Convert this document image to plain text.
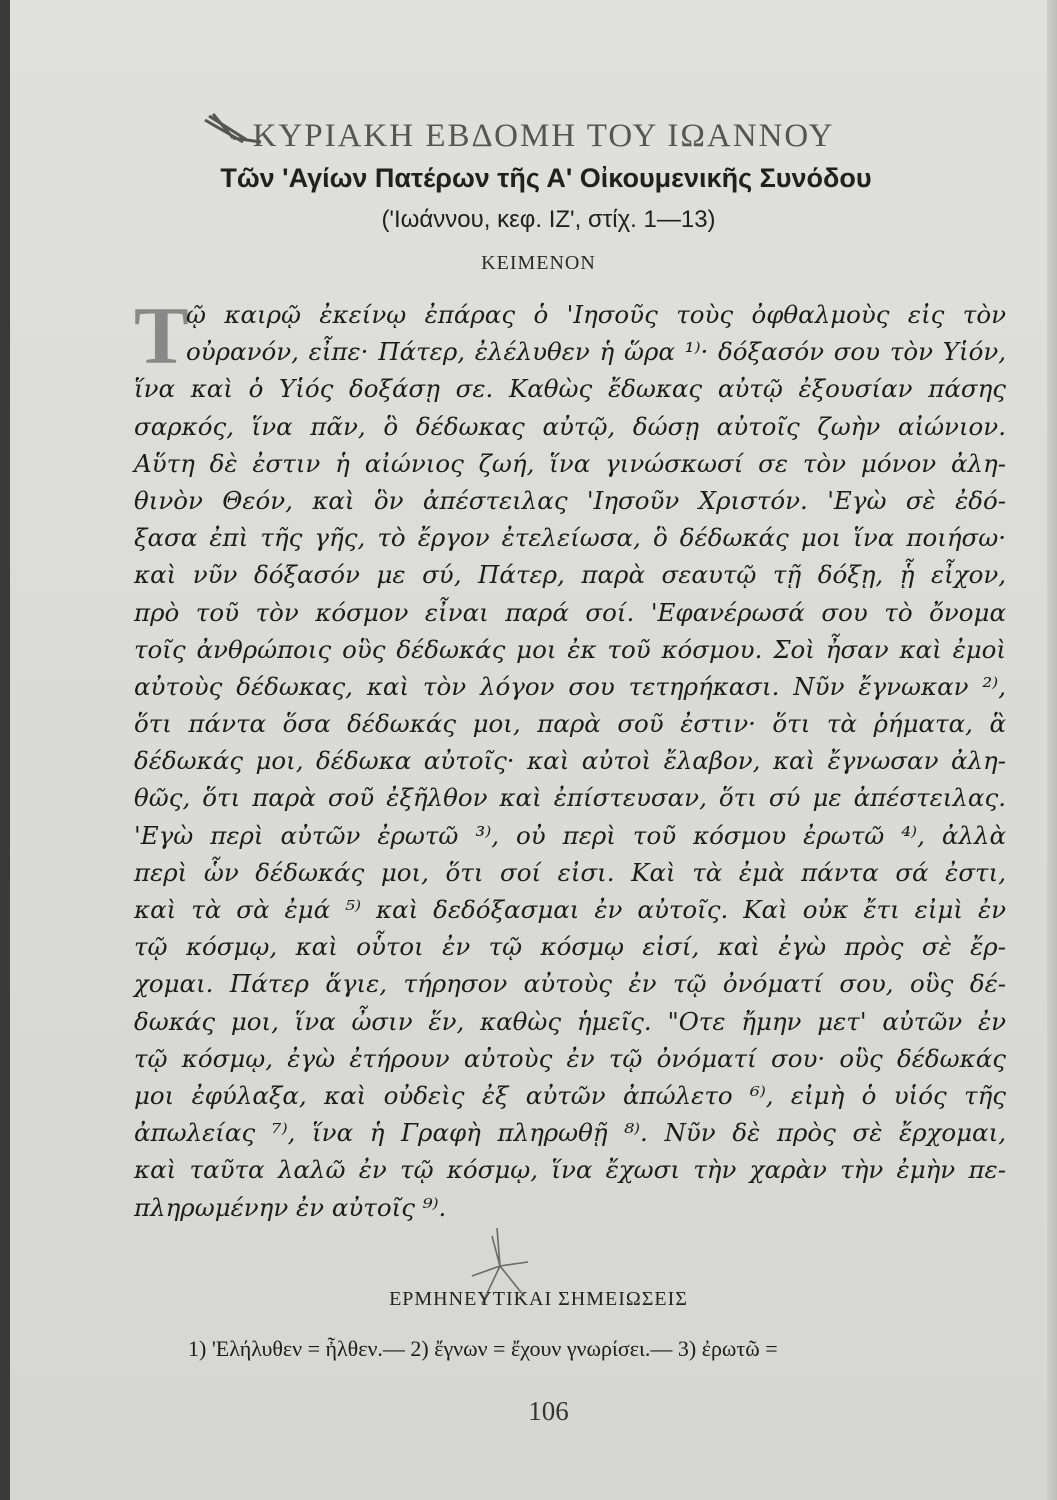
ΚΥΡΙΑΚΗ ΕΒΔΟΜΗ ΤΟΥ ΙΩΑΝΝΟΥ
Τῶν 'Αγίων Πατέρων τῆς Α' Οἰκουμενικῆς Συνόδου
('Ιωάννου, κεφ. ΙΖ', στίχ. 1—13)
ΚΕΙΜΕΝΟΝ
Τ
ῷ καιρῷ ἐκείνῳ ἐπάρας ὁ 'Ιησοῦς τοὺς ὀφθαλμοὺς εἰς τὸν
οὐρανόν, εἶπε· Πάτερ, ἐλέλυθεν ἡ ὥρα ¹⁾· δόξασόν σου τὸν Υἱόν,
ἵνα καὶ ὁ Υἱός δοξάσῃ σε. Καθὼς ἔδωκας αὐτῷ ἐξουσίαν πάσης
σαρκός, ἵνα πᾶν, ὃ δέδωκας αὐτῷ, δώσῃ αὐτοῖς ζωὴν αἰώνιον.
Αὕτη δὲ ἐστιν ἡ αἰώνιος ζωή, ἵνα γινώσκωσί σε τὸν μόνον ἀλη-
θινὸν Θεόν, καὶ ὃν ἀπέστειλας 'Ιησοῦν Χριστόν. 'Εγὼ σὲ ἐδό-
ξασα ἐπὶ τῆς γῆς, τὸ ἔργον ἐτελείωσα, ὃ δέδωκάς μοι ἵνα ποιήσω·
καὶ νῦν δόξασόν με σύ, Πάτερ, παρὰ σεαυτῷ τῇ δόξῃ, ᾗ εἶχον,
πρὸ τοῦ τὸν κόσμον εἶναι παρά σοί. 'Εφανέρωσά σου τὸ ὄνομα
τοῖς ἀνθρώποις οὓς δέδωκάς μοι ἐκ τοῦ κόσμου. Σοὶ ἦσαν καὶ ἐμοὶ
αὐτοὺς δέδωκας, καὶ τὸν λόγον σου τετηρήκασι. Νῦν ἔγνωκαν ²⁾,
ὅτι πάντα ὅσα δέδωκάς μοι, παρὰ σοῦ ἐστιν· ὅτι τὰ ῥήματα, ἃ
δέδωκάς μοι, δέδωκα αὐτοῖς· καὶ αὐτοὶ ἔλαβον, καὶ ἔγνωσαν ἀλη-
θῶς, ὅτι παρὰ σοῦ ἐξῆλθον καὶ ἐπίστευσαν, ὅτι σύ με ἀπέστειλας.
'Εγὼ περὶ αὐτῶν ἐρωτῶ ³⁾, οὐ περὶ τοῦ κόσμου ἐρωτῶ ⁴⁾, ἀλλὰ
περὶ ὧν δέδωκάς μοι, ὅτι σοί εἰσι. Καὶ τὰ ἐμὰ πάντα σά ἐστι,
καὶ τὰ σὰ ἐμά ⁵⁾ καὶ δεδόξασμαι ἐν αὐτοῖς. Καὶ οὐκ ἔτι εἰμὶ ἐν
τῷ κόσμῳ, καὶ οὗτοι ἐν τῷ κόσμῳ εἰσί, καὶ ἐγὼ πρὸς σὲ ἔρ-
χομαι. Πάτερ ἅγιε, τήρησον αὐτοὺς ἐν τῷ ὀνόματί σου, οὓς δέ-
δωκάς μοι, ἵνα ὦσιν ἕν, καθὼς ἡμεῖς. "Οτε ἤμην μετ' αὐτῶν ἐν
τῷ κόσμῳ, ἐγὼ ἐτήρουν αὐτοὺς ἐν τῷ ὀνόματί σου· οὓς δέδωκάς
μοι ἐφύλαξα, καὶ οὐδεὶς ἐξ αὐτῶν ἀπώλετο ⁶⁾, εἰμὴ ὁ υἱός τῆς
ἀπωλείας ⁷⁾, ἵνα ἡ Γραφὴ πληρωθῇ ⁸⁾. Νῦν δὲ πρὸς σὲ ἔρχομαι,
καὶ ταῦτα λαλῶ ἐν τῷ κόσμῳ, ἵνα ἔχωσι τὴν χαρὰν τὴν ἐμὴν πε-
πληρωμένην ἐν αὐτοῖς ⁹⁾.
ΕΡΜΗΝΕΥΤΙΚΑΙ ΣΗΜΕΙΩΣΕΙΣ
1) 'Ελήλυθεν = ἦλθεν.— 2) ἔγνων = ἔχουν γνωρίσει.— 3) ἐρωτῶ =
106
